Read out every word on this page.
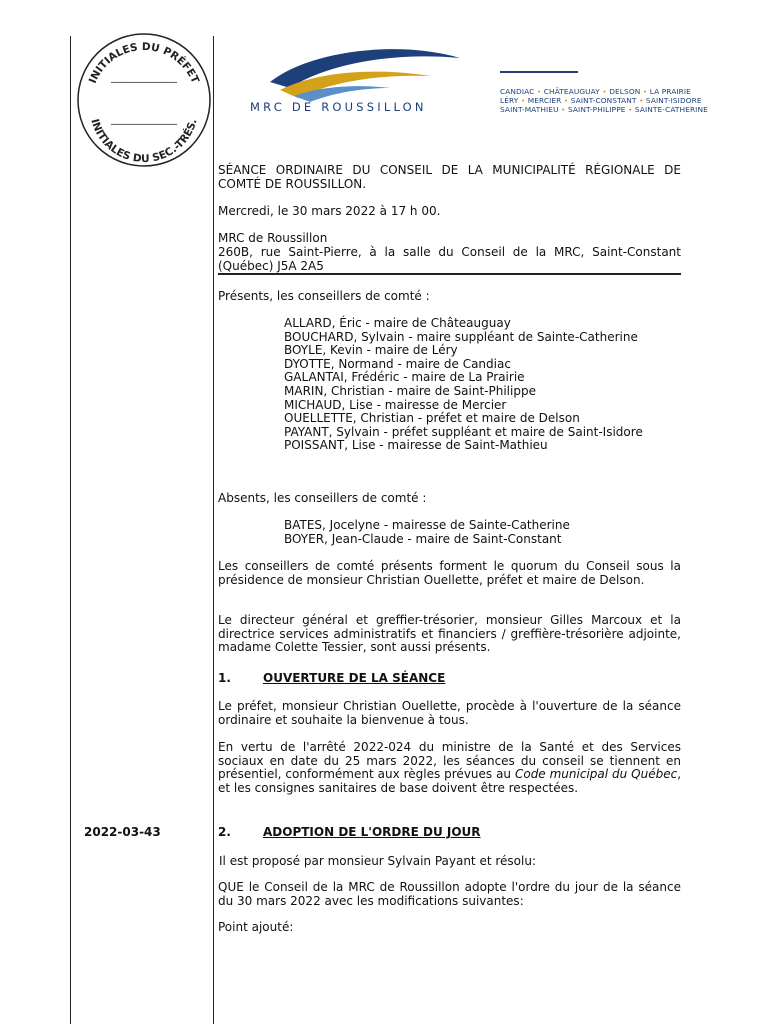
INITIALES DU PRÉFET
INITIALES DU SEC.-TRÉS.
____________
____________
MRC DE ROUSSILLON
CANDIAC • CHÂTEAUGUAY • DELSON • LA PRAIRIE
LÉRY • MERCIER • SAINT-CONSTANT • SAINT-ISIDORE
SAINT-MATHIEU • SAINT-PHILIPPE • SAINTE-CATHERINE

SÉANCE ORDINAIRE DU CONSEIL DE LA MUNICIPALITÉ RÉGIONALE DE COMTÉ DE ROUSSILLON.

Mercredi, le 30 mars 2022 à 17 h 00.

MRC de Roussillon

260B, rue Saint-Pierre, à la salle du Conseil de la MRC, Saint-Constant (Québec) J5A 2A5

Présents, les conseillers de comté :

ALLARD, Éric - maire de Châteauguay
BOUCHARD, Sylvain - maire suppléant de Sainte-Catherine
BOYLE, Kevin - maire de Léry
DYOTTE, Normand - maire de Candiac
GALANTAI, Frédéric - maire de La Prairie
MARIN, Christian - maire de Saint-Philippe
MICHAUD, Lise - mairesse de Mercier
OUELLETTE, Christian - préfet et maire de Delson
PAYANT, Sylvain - préfet suppléant et maire de Saint-Isidore
POISSANT, Lise - mairesse de Saint-Mathieu

Absents, les conseillers de comté :

BATES, Jocelyne - mairesse de Sainte-Catherine
BOYER, Jean-Claude - maire de Saint-Constant

Les conseillers de comté présents forment le quorum du Conseil sous la présidence de monsieur Christian Ouellette, préfet et maire de Delson.

Le directeur général et greffier-trésorier, monsieur Gilles Marcoux et la directrice services administratifs et financiers / greffière-trésorière adjointe, madame Colette Tessier, sont aussi présents.

1.	OUVERTURE DE LA SÉANCE

Le préfet, monsieur Christian Ouellette, procède à l'ouverture de la séance ordinaire et souhaite la bienvenue à tous.

En vertu de l'arrêté 2022-024 du ministre de la Santé et des Services sociaux en date du 25 mars 2022, les séances du conseil se tiennent en présentiel, conformément aux règles prévues au Code municipal du Québec, et les consignes sanitaires de base doivent être respectées.

2022-03-43	2.	ADOPTION DE L'ORDRE DU JOUR

Il est proposé par monsieur Sylvain Payant et résolu:

QUE le Conseil de la MRC de Roussillon adopte l'ordre du jour de la séance du 30 mars 2022 avec les modifications suivantes:

Point ajouté:
